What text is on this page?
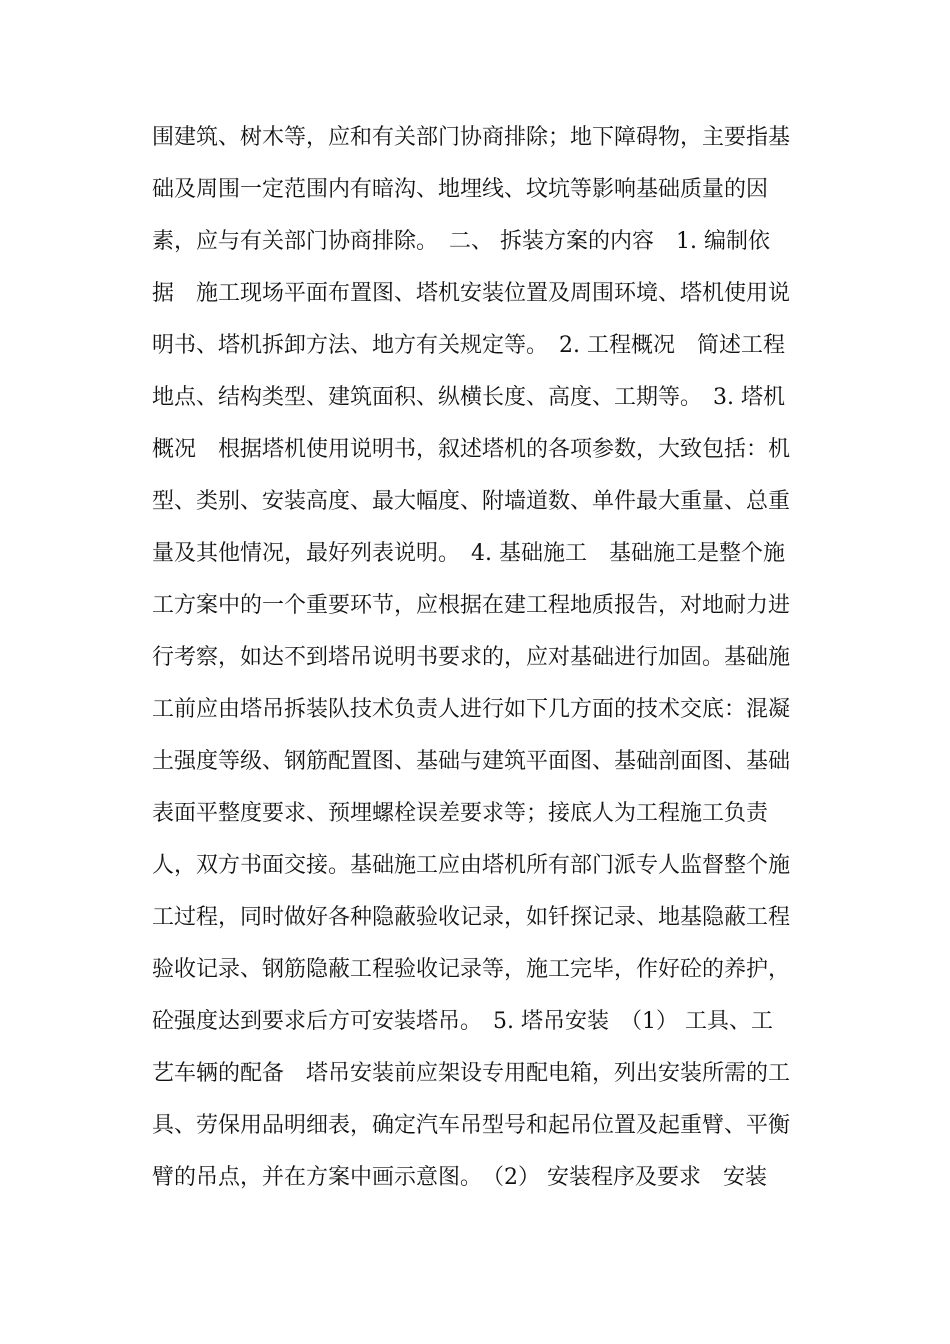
围建筑、树木等，应和有关部门协商排除；地下障碍物，主要指基
础及周围一定范围内有暗沟、地埋线、坟坑等影响基础质量的因
素，应与有关部门协商排除。　二、 拆装方案的内容　1. 编制依
据　施工现场平面布置图、塔机安装位置及周围环境、塔机使用说
明书、塔机拆卸方法、地方有关规定等。　2. 工程概况　简述工程
地点、结构类型、建筑面积、纵横长度、高度、工期等。　3. 塔机
概况　根据塔机使用说明书，叙述塔机的各项参数，大致包括：机
型、类别、安装高度、最大幅度、附墙道数、单件最大重量、总重
量及其他情况，最好列表说明。　4. 基础施工　基础施工是整个施
工方案中的一个重要环节，应根据在建工程地质报告，对地耐力进
行考察，如达不到塔吊说明书要求的，应对基础进行加固。基础施
工前应由塔吊拆装队技术负责人进行如下几方面的技术交底：混凝
土强度等级、钢筋配置图、基础与建筑平面图、基础剖面图、基础
表面平整度要求、预埋螺栓误差要求等；接底人为工程施工负责
人，双方书面交接。基础施工应由塔机所有部门派专人监督整个施
工过程，同时做好各种隐蔽验收记录，如钎探记录、地基隐蔽工程
验收记录、钢筋隐蔽工程验收记录等，施工完毕，作好砼的养护，
砼强度达到要求后方可安装塔吊。　5. 塔吊安装　（1） 工具、工
艺车辆的配备　塔吊安装前应架设专用配电箱，列出安装所需的工
具、劳保用品明细表，确定汽车吊型号和起吊位置及起重臂、平衡
臂的吊点，并在方案中画示意图。　（2） 安装程序及要求　安装
